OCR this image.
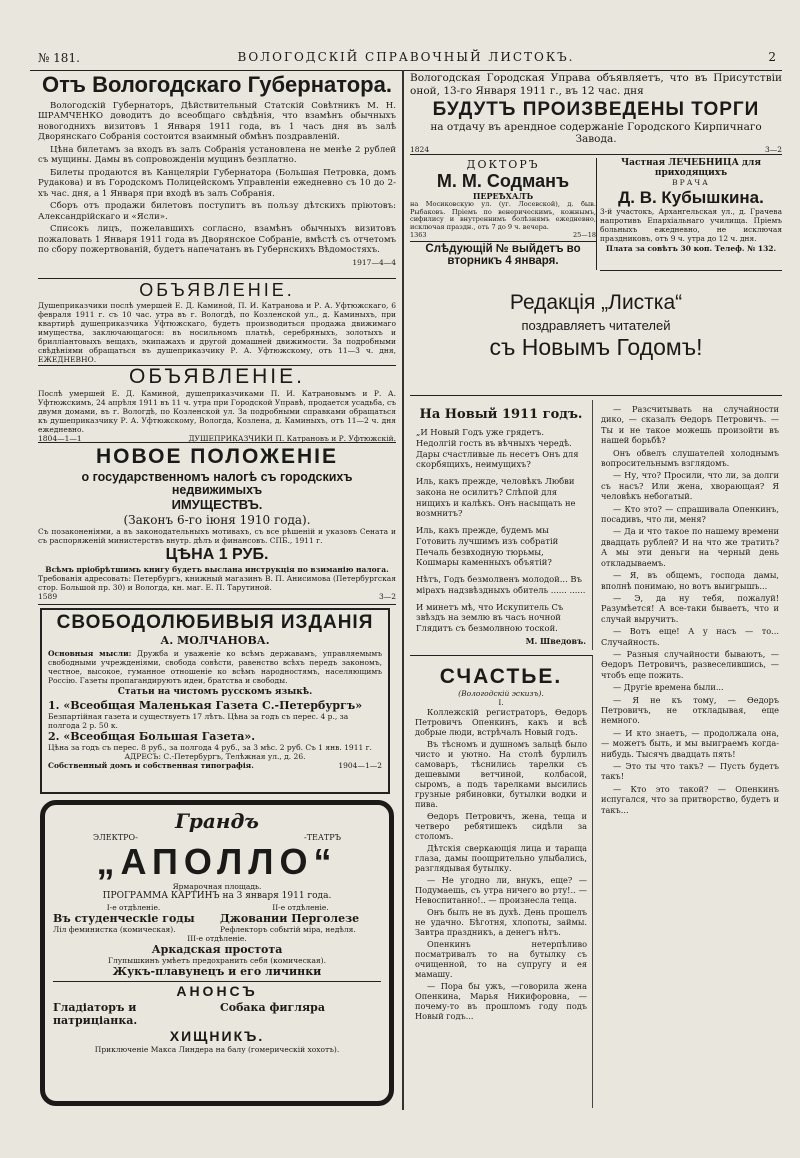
№ 181.	ВОЛОГОДСКІЙ СПРАВОЧНЫЙ ЛИСТОКЪ.	2
Отъ Вологодскаго Губернатора.

Вологодскій Губернаторъ, Дѣйствительный Статскій Совѣтникъ М. Н. ШРАМЧЕНКО доводитъ до всеобщаго свѣдѣнія, что взамѣнъ обычныхъ новогоднихъ визитовъ 1 Января 1911 года, въ 1 часъ дня въ залѣ Дворянскаго Собранія состоится взаимный обмѣнъ поздравленій.

Цѣна билетамъ за входъ въ залъ Собранія установлена не менѣе 2 рублей съ мущины. Дамы въ сопровожденіи мущинъ безплатно.

Билеты продаются въ Канцеляріи Губернатора (Большая Петровка, домъ Рудакова) и въ Городскомъ Полицейскомъ Управленіи ежедневно съ 10 до 2-хъ час. дня, а 1 Января при входѣ въ залъ Собранія.

Сборъ отъ продажи билетовъ поступитъ въ пользу дѣтскихъ пріютовъ: Александрійскаго и «Ясли».

Списокъ лицъ, пожелавшихъ согласно, взамѣнъ обычныхъ визитовъ пожаловать 1 Января 1911 года въ Дворянское Собраніе, вмѣстѣ съ отчетомъ по сбору пожертвованій, будетъ напечатанъ въ Губернскихъ Вѣдомостяхъ.

1917—4—4
ОБЪЯВЛЕНІЕ.
Душеприказчики послѣ умершей Е. Д. Каминой, П. И. Катранова и Р. А. Уфтюжскаго, 6 февраля 1911 г. съ 10 час. утра въ г. Вологдѣ, по Козленской ул., д. Каминыхъ, при квартирѣ душеприказчика Уфтюжскаго, будетъ производиться продажа движимаго имущества, заключающагося: въ носильномъ платьѣ, серебряныхъ, золотыхъ и брилліантовыхъ вещахъ, экипажахъ и другой домашней движимости. За подробными свѣдѣніями обращаться въ душеприказчику Р. А. Уфтюжскому, отъ 11—3 ч. дня, ЕЖЕДНЕВНО.
ОБЪЯВЛЕНІЕ.
Послѣ умершей Е. Д. Каминой, душеприказчиками П. И. Катрановымъ и Р. А. Уфтюжскимъ, 24 апрѣля 1911 въ 11 ч. утра при Городской Управѣ, продается усадьба, съ двумя домами, въ г. Вологдѣ, по Козленской ул. За подробными справками обращаться къ душеприказчику Р. А. Уфтюжскому, Вологда, Козлена, д. Каминыхъ, отъ 11—2 ч. дня ежедневно.
1804—1—1	ДУШЕПРИКАЗЧИКИ П. Катрановъ и Р. Уфтюжскій.
НОВОЕ ПОЛОЖЕНІЕ
о государственномъ налогѣ съ городскихъ недвижимыхъ
ИМУЩЕСТВЪ.
(Законъ 6-го іюня 1910 года).
Съ позаконеніями, а въ законодательныхъ мотивахъ, съ все рѣшеній и указовъ Сената и съ распоряженій министерствъ внутр. дѣлъ и финансовъ. СПБ., 1911 г.
ЦѢНА 1 РУБ.
Всѣмъ пріобрѣтшимъ книгу будетъ выслана инструкція по взиманію налога.
Требованія адресовать: Петербургъ, книжный магазинъ В. П. Анисимова (Петербургская стор. Большой пр. 30) и Вологда, кн. маг. Е. П. Тарутиной.
1589	3—2
СВОБОДОЛЮБИВЫЯ ИЗДАНІЯ
А. МОЛЧАНОВА.
Основныя мысли: Дружба и уваженіе ко всѣмъ державамъ, управляемымъ свободными учрежденіями, свобода совѣсти, равенство всѣхъ передъ закономъ, честное, высокое, гуманное отношеніе ко всѣмъ народностямъ, населяющимъ Россію. Газеты пропагандируютъ идеи, братства и свободы.
Статьи на чистомъ русскомъ языкѣ.
1. «Всеобщая Маленькая Газета С.-Петербургъ»
Безпартійная газета и существуетъ 17 лѣтъ. Цѣна за годъ съ перес. 4 р., за полгода 2 р. 50 к.
2. «Всеобщая Большая Газета».
Цѣна за годъ съ перес. 8 руб., за полгода 4 руб., за 3 мѣс. 2 руб. Съ 1 янв. 1911 г.
АДРЕСЪ: С.-Петербургъ, Телѣжная ул., д. 26.
Собственный домъ и собственная типографія.	1904—1—2
Грандъ
ЭЛЕКТРО-	-ТЕАТРЪ
„АПОЛЛО“
Ярмарочная площадь.
ПРОГРАММА КАРТИНЪ на 3 января 1911 года.
I-е отдѣленіе.
Въ студенческіе годы
Ліл феминистка (комическая).
II-е отдѣленіе.
Джовании Перголезе
Рефлекторъ событій міра, недѣля.
III-е отдѣленіе.
Аркадская простота
Глупышкинъ умѣетъ предохранить себя (комическая).
Жукъ-плавунецъ и его личинки
АНОНСЪ
Гладіаторъ и патриціанка.
Собака фигляра
ХИЩНИКЪ.
Приключеніе Макса Линдера на балу (гомерическій хохотъ).
Вологодская Городская Управа объявляетъ, что въ Присутствіи оной, 13-го Января 1911 г., въ 12 час. дня
БУДУТЪ ПРОИЗВЕДЕНЫ ТОРГИ
на отдачу въ арендное содержаніе Городского Кирпичнаго Завода.
1824	3—2
ДОКТОРЪ
М. М. Содманъ
ПЕРЕѢХАЛЪ
на Мосиковскую ул. (уг. Лосевской), д. быв. Рыбаковъ. Пріемъ по венерическимъ, кожнымъ, сифилису и внутреннимъ болѣзнямъ ежедневно, исключая праздн., отъ 7 до 9 ч. вечера.
1363	25—18
Слѣдующій № выйдетъ во вторникъ 4 января.
Частная ЛЕЧЕБНИЦА для приходящихъ
ВРАЧА
Д. В. Кубышкина.
3-й участокъ, Архангельская ул., д. Грачева напротивъ Епархіальнаго училища. Пріемъ больныхъ ежедневно, не исключая праздниковъ, отъ 9 ч. утра до 12 ч. дня.
Плата за совѣтъ 30 коп. Телеф. № 132.
Редакція „Листка“
поздравляетъ читателей
съ Новымъ Годомъ!
На Новый 1911 годъ.
„И Новый Годъ уже грядетъ. Недолгій гость въ вѣчныхъ чередѣ. Дары счастливые ль несетъ Онъ для скорбящихъ, неимущихъ?
Иль, какъ прежде, человѣкъ Любви закона не осилитъ? Слѣпой для нищихъ и калѣкъ. Онъ насыщать не возмнитъ?
Иль, какъ прежде, будемъ мы Готовить лучшимъ изъ собратій Печаль безвходную тюрьмы, Кошмары каменныхъ объятій?
Нѣтъ, Годъ безмолвенъ молодой... Въ мірахъ надзвѣздныхъ обитель ...... ......
И минетъ мѣ, что Искупитель Съ звѣздъ на землю въ часъ ночной Глядитъ съ безмолвною тоской.
М. Шведовъ.
СЧАСТЬЕ.
(Вологодскій эскизъ).
I.

Коллежскій регистраторъ, Өедоръ Петровичъ Опенкинъ, какъ и всѣ добрые люди, встрѣчалъ Новый годъ.

Въ тѣсномъ и душномъ зальцѣ было чисто и уютно. На столѣ бурлилъ самоваръ, тѣснились тарелки съ дешевыми ветчиной, колбасой, сыромъ, а подъ тарелками высились грузные рябиновки, бутылки водки и пива.

Өедоръ Петровичъ, жена, теща и четверо ребятишекъ сидѣли за столомъ.

Дѣтскія сверкающія лица и тараща глаза, дамы поощрительно улыбались, разглядывая бутылку.

— Не угодно ли, внукъ, еще? — Подумаешь, съ утра ничего во рту!.. — Невоспитанно!.. — произнесла теща.

Онъ былъ не въ духѣ. День прошелъ не удачно. Бѣготня, хлопоты, займы. Завтра праздникъ, а денегъ нѣтъ.

Опенкинъ нетерпѣливо посматривалъ то на бутылку съ очищенной, то на супругу и ея мамашу.

— Пора бы ужъ, —говорила жена Опенкина, Марья Никифоровна, — почему-то въ прошломъ году подъ Новый годъ...

— Разсчитывать на случайности дико, — сказалъ Өедоръ Петровичъ. — Ты и не такое можешь произойти въ нашей борьбѣ?

Онъ обвелъ слушателей холоднымъ вопросительнымъ взглядомъ.

— Ну, что? Просили, что ли, за долги съ насъ? Или жена, хворающая? Я человѣкъ небогатый.

— Кто это? — спрашивала Опенкинъ, посадивъ, что ли, меня?

— Да и что такое по нашему времени двадцать рублей? И на что же тратить? А мы эти деньги на черный день откладываемъ.

— Я, въ общемъ, господа дамы, вполнѣ понимаю, но вотъ выигрышъ...

— Э, да ну тебя, пожалуй! Разумѣется! А все-таки бываетъ, что и случай выручитъ.

— Вотъ еще! А у насъ — то... Случайность.

— Разныя случайности бываютъ, — Өедоръ Петровичъ, развеселившись, — чтобъ еще пожить.

— Другіе времена были...

— Я не къ тому, — Өедоръ Петровичъ, не откладывая, еще немного.

— И кто знаетъ, — продолжала она, — можетъ быть, и мы выиграемъ когда-нибудь. Тысячъ двадцать пять!

— Это ты что такъ? — Пусть будетъ такъ!

— Кто это такой? — Опенкинъ испугался, что за притворство, будетъ и такъ...
